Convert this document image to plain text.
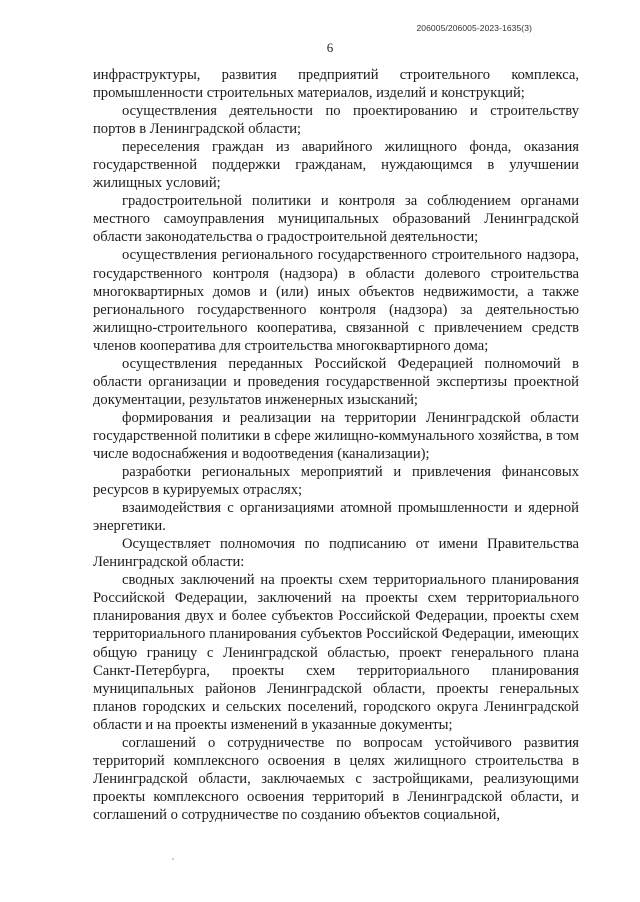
206005/206005-2023-1635(3)
6

инфраструктуры, развития предприятий строительного комплекса, промышленности строительных материалов, изделий и конструкций;

осуществления деятельности по проектированию и строительству портов в Ленинградской области;

переселения граждан из аварийного жилищного фонда, оказания государственной поддержки гражданам, нуждающимся в улучшении жилищных условий;

градостроительной политики и контроля за соблюдением органами местного самоуправления муниципальных образований Ленинградской области законодательства о градостроительной деятельности;

осуществления регионального государственного строительного надзора, государственного контроля (надзора) в области долевого строительства многоквартирных домов и (или) иных объектов недвижимости, а также регионального государственного контроля (надзора) за деятельностью жилищно-строительного кооператива, связанной с привлечением средств членов кооператива для строительства многоквартирного дома;

осуществления переданных Российской Федерацией полномочий в области организации и проведения государственной экспертизы проектной документации, результатов инженерных изысканий;

формирования и реализации на территории Ленинградской области государственной политики в сфере жилищно-коммунального хозяйства, в том числе водоснабжения и водоотведения (канализации);

разработки региональных мероприятий и привлечения финансовых ресурсов в курируемых отраслях;

взаимодействия с организациями атомной промышленности и ядерной энергетики.

Осуществляет полномочия по подписанию от имени Правительства Ленинградской области:

сводных заключений на проекты схем территориального планирования Российской Федерации, заключений на проекты схем территориального планирования двух и более субъектов Российской Федерации, проекты схем территориального планирования субъектов Российской Федерации, имеющих общую границу с Ленинградской областью, проект генерального плана Санкт-Петербурга, проекты схем территориального планирования муниципальных районов Ленинградской области, проекты генеральных планов городских и сельских поселений, городского округа Ленинградской области и на проекты изменений в указанные документы;

соглашений о сотрудничестве по вопросам устойчивого развития территорий комплексного освоения в целях жилищного строительства в Ленинградской области, заключаемых с застройщиками, реализующими проекты комплексного освоения территорий в Ленинградской области, и соглашений о сотрудничестве по созданию объектов социальной,
